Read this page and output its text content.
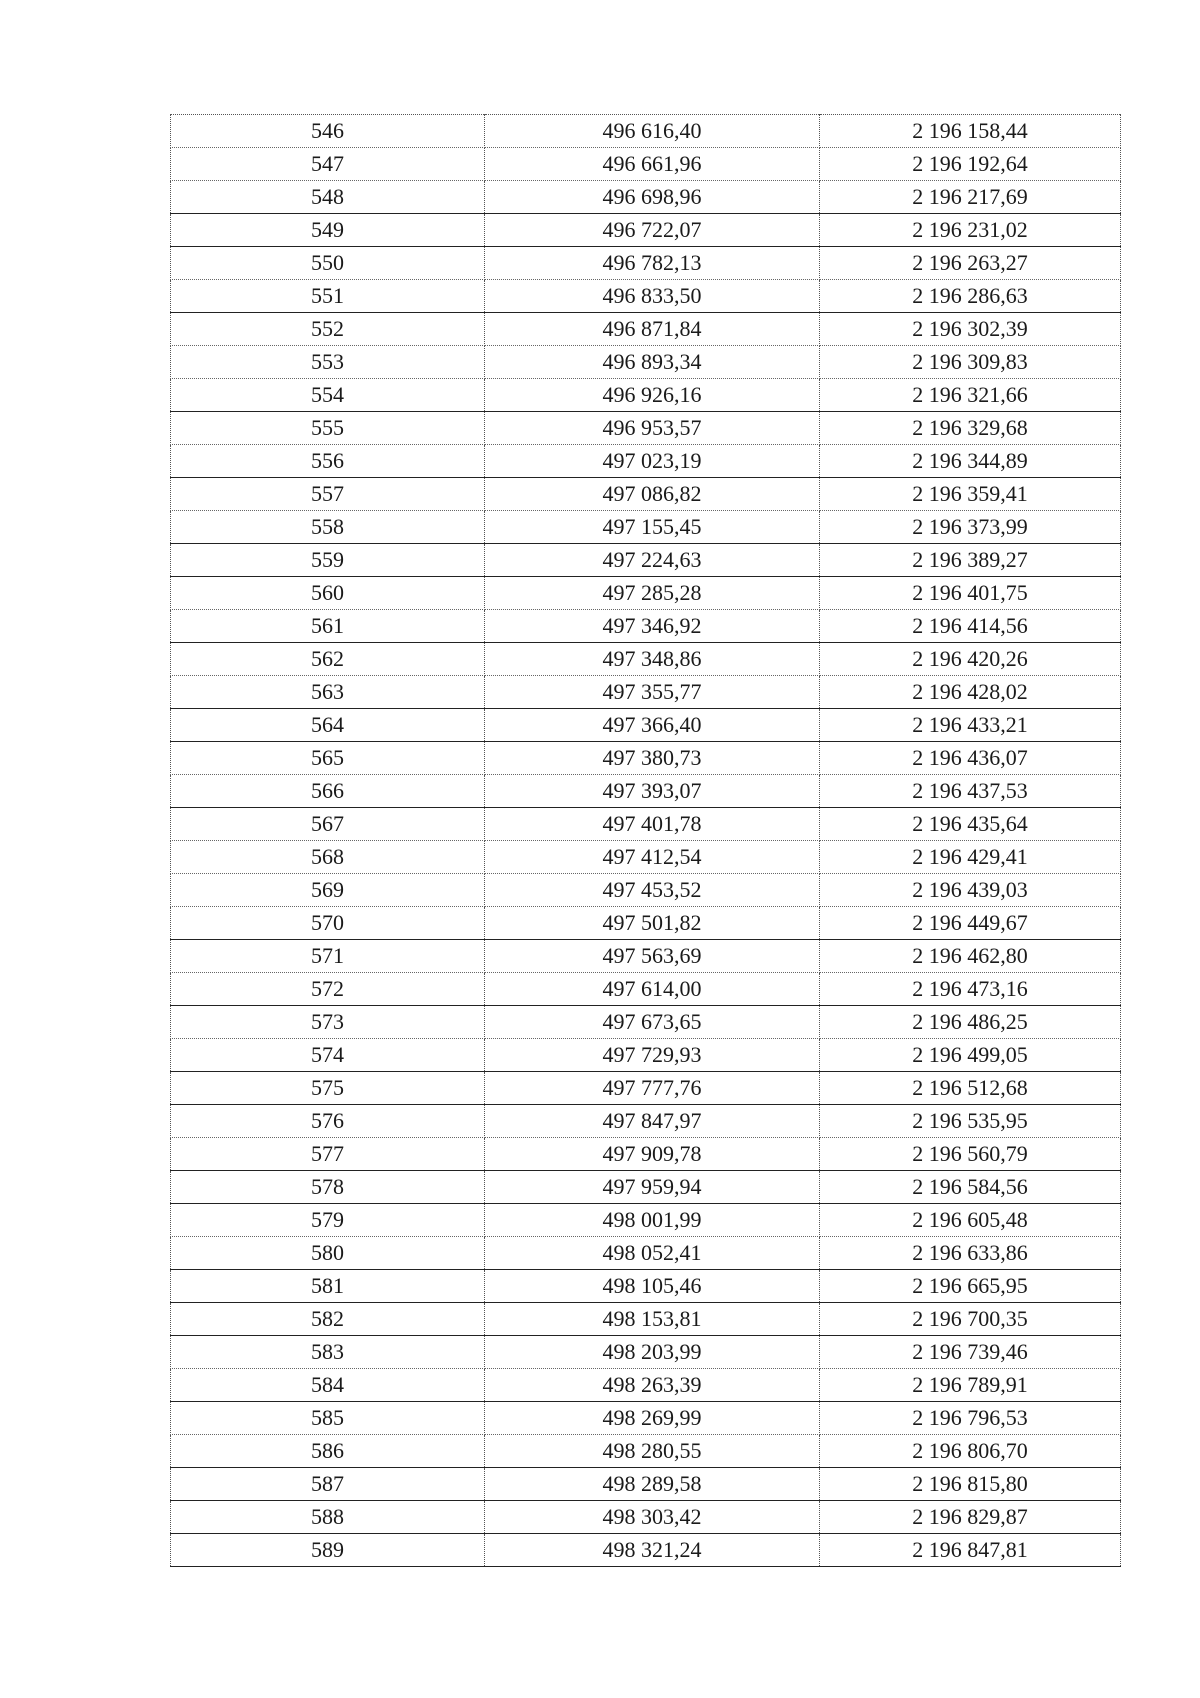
546	496 616,40	2 196 158,44
547	496 661,96	2 196 192,64
548	496 698,96	2 196 217,69
549	496 722,07	2 196 231,02
550	496 782,13	2 196 263,27
551	496 833,50	2 196 286,63
552	496 871,84	2 196 302,39
553	496 893,34	2 196 309,83
554	496 926,16	2 196 321,66
555	496 953,57	2 196 329,68
556	497 023,19	2 196 344,89
557	497 086,82	2 196 359,41
558	497 155,45	2 196 373,99
559	497 224,63	2 196 389,27
560	497 285,28	2 196 401,75
561	497 346,92	2 196 414,56
562	497 348,86	2 196 420,26
563	497 355,77	2 196 428,02
564	497 366,40	2 196 433,21
565	497 380,73	2 196 436,07
566	497 393,07	2 196 437,53
567	497 401,78	2 196 435,64
568	497 412,54	2 196 429,41
569	497 453,52	2 196 439,03
570	497 501,82	2 196 449,67
571	497 563,69	2 196 462,80
572	497 614,00	2 196 473,16
573	497 673,65	2 196 486,25
574	497 729,93	2 196 499,05
575	497 777,76	2 196 512,68
576	497 847,97	2 196 535,95
577	497 909,78	2 196 560,79
578	497 959,94	2 196 584,56
579	498 001,99	2 196 605,48
580	498 052,41	2 196 633,86
581	498 105,46	2 196 665,95
582	498 153,81	2 196 700,35
583	498 203,99	2 196 739,46
584	498 263,39	2 196 789,91
585	498 269,99	2 196 796,53
586	498 280,55	2 196 806,70
587	498 289,58	2 196 815,80
588	498 303,42	2 196 829,87
589	498 321,24	2 196 847,81
